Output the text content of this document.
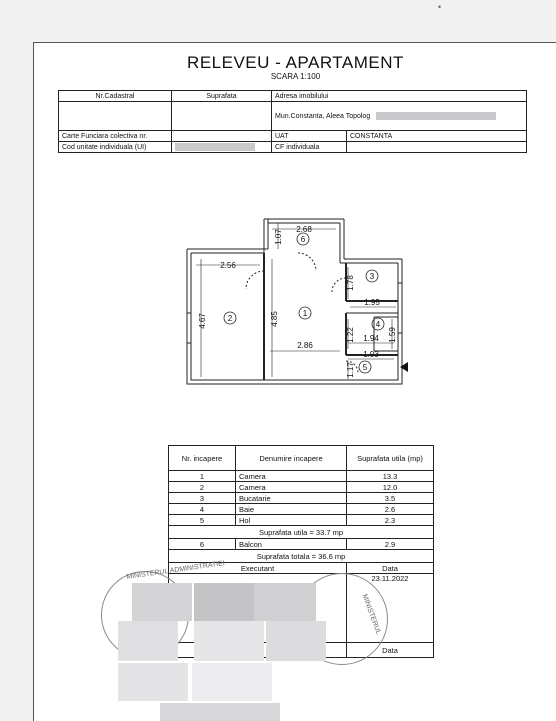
•
RELEVEU - APARTAMENT
SCARA 1:100
Nr.Cadastral	Suprafata	Adresa imobilului	
		Mun.Constanta, Aleea Topolog	
Carte Funciara colectiva nr.		UAT	CONSTANTA
Cod unitate individuala (UI)		CF individuala	
2.68
1.07
2.56
4.67	4.85
1.78
1.95
1.22	1.59
2.86
1.94
1.93
1.17
1
2
3
4
5
6
Nr. incapere	Denumire incapere	Suprafata utila (mp)
1	Camera	13.3
2	Camera	12.0
3	Bucatarie	3.5
4	Baie	2.6
5	Hol	2.3
Suprafata utila = 33.7 mp		
6	Balcon	2.9
Suprafata totala = 36.6 mp		
Executant		Data
		23.11.2022
		Data
MINISTERUL ADMINISTRATIEI
MINISTERUL
